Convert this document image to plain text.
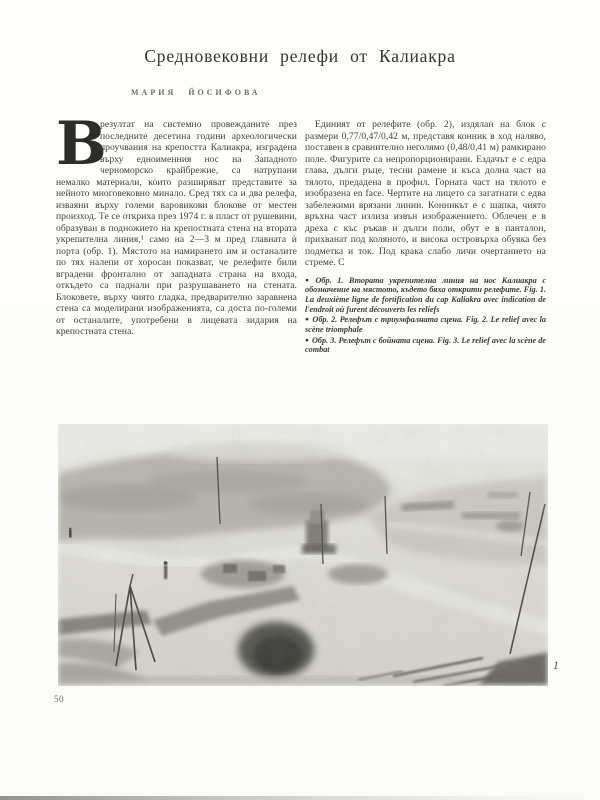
Средновековни релефи от Калиакра
МАРИЯ ЙОСИФОВА
В

резултат на системно провежданите през последните десетина години археологически проучвания на крепостта Калиакра, изградена върху едноименния нос на Западното черноморско крайбрежие, са натрупани немалко материали, които разширяват представите за нейното многовековно минало. Сред тях са и два релефа, изваяни върху големи варовикови блокове от местен произход. Те се откриха през 1974 г. в пласт от рушевини, образуван в подножието на крепостната стена на втората укрепителна линия,¹ само на 2—3 м пред главната ѝ порта (обр. 1). Мястото на намирането им и останалите по тях налепи от хоросан показват, че релефите били вградени фронтално от западната страна на входа, откъдето са паднали при разрушаването на стената. Блоковете, върху чиято гладка, предварително заравнена стена са моделирани изображенията, са доста по-големи от останалите, употребени в лицевата зидария на крепостната стена.

Единият от релефите (обр. 2), издялан на блок с размери 0,77/0,47/0,42 м, представя конник в ход наляво, поставен в сравнително неголямо (0,48/0,41 м) рамкирано поле. Фигурите са непропорционирани. Ездачът е с едра глава, дълги ръце, тесни рамене и къса долна част на тялото, предадена в профил. Горната част на тялото е изобразена en face. Чертите на лицето са загатнати с едва забележими врязани линии. Конникът е с шапка, чиято връхна част излиза извън изображението. Облечен е в дреха с къс ръкав и дълги поли, обут е в панталон, прихванат под коляното, и висока островърха обувка без подметка и ток. Под крака слабо личи очертанието на стреме. С

● Обр. 1. Втората укрепителна линия на нос Калиакра с обозначение на мястото, където бяха открити релефите. Fig. 1. La deuxième ligne de fortification du cap Kaliakra avec indication de l'endroit où furent découverts les reliefs

● Обр. 2. Релефът с триумфалната сцена. Fig. 2. Le relief avec la scène triomphale

● Обр. 3. Релефът с бойната сцена. Fig. 3. Le relief avec la scène de combat

1
50
